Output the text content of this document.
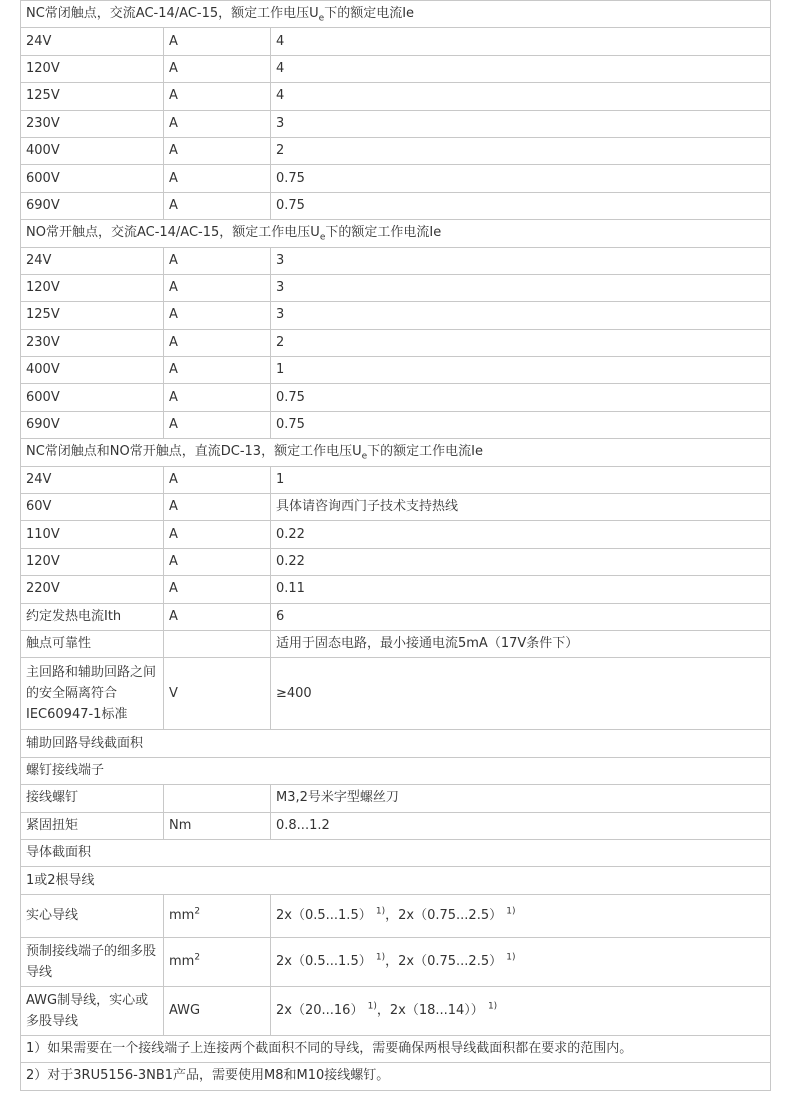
NC常闭触点，交流AC-14/AC-15，额定工作电压$U_e$下的额定电流Ie		
24V	A	4
120V	A	4
125V	A	4
230V	A	3
400V	A	2
600V	A	0.75
690V	A	0.75
NO常开触点，交流AC-14/AC-15，额定工作电压$U_e$下的额定工作电流Ie		
24V	A	3
120V	A	3
125V	A	3
230V	A	2
400V	A	1
600V	A	0.75
690V	A	0.75
NC常闭触点和NO常开触点，直流DC-13，额定工作电压$U_e$下的额定工作电流Ie		
24V	A	1
60V	A	具体请咨询西门子技术支持热线
110V	A	0.22
120V	A	0.22
220V	A	0.11
约定发热电流Ith	A	6
触点可靠性		适用于固态电路，最小接通电流5mA（17V条件下）
主回路和辅助回路之间的安全隔离符合IEC60947-1标准	V	≥400
辅助回路导线截面积		
螺钉接线端子		
接线螺钉		M3,2号米字型螺丝刀
紧固扭矩	Nm	0.8...1.2
导体截面积		
1或2根导线		
实心导线	$mm^2$	2x（0.5...1.5） $^{1)}$，2x（0.75...2.5） $^{1)}$
预制接线端子的细多股导线	$mm^2$	2x（0.5...1.5） $^{1)}$，2x（0.75...2.5） $^{1)}$
AWG制导线，实心或多股导线	AWG	2x（20...16） $^{1)}$，2x（18...14）） $^{1)}$
1）如果需要在一个接线端子上连接两个截面积不同的导线，需要确保两根导线截面积都在要求的范围内。		
2）对于3RU5156-3NB1产品，需要使用M8和M10接线螺钉。		
